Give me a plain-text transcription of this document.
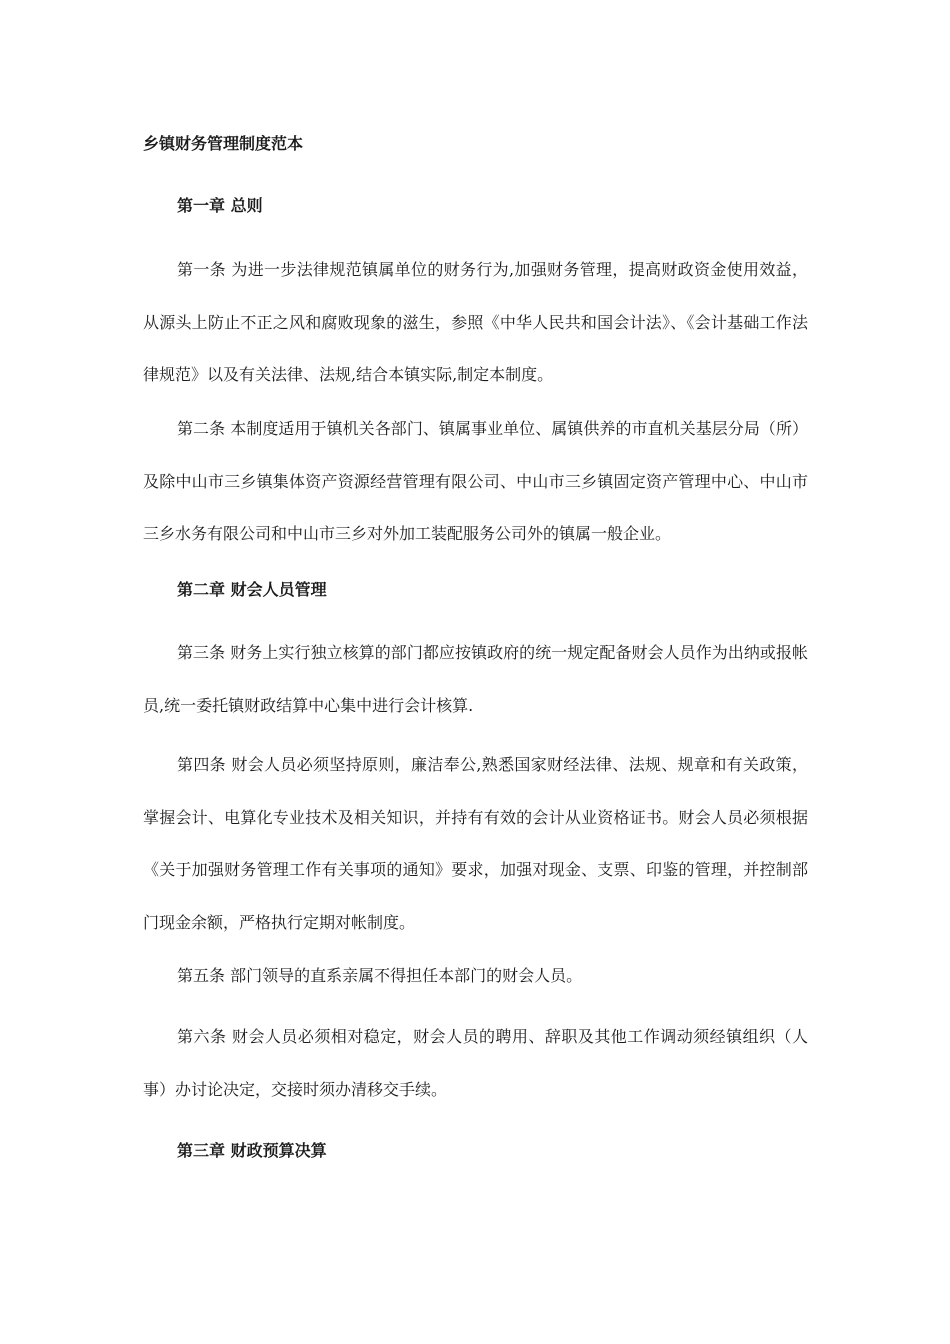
乡镇财务管理制度范本
第一章 总则

第一条 为进一步法律规范镇属单位的财务行为,加强财务管理，提高财政资金使用效益，从源头上防止不正之风和腐败现象的滋生，参照《中华人民共和国会计法》、《会计基础工作法律规范》以及有关法律、法规,结合本镇实际,制定本制度。

第二条 本制度适用于镇机关各部门、镇属事业单位、属镇供养的市直机关基层分局（所）及除中山市三乡镇集体资产资源经营管理有限公司、中山市三乡镇固定资产管理中心、中山市三乡水务有限公司和中山市三乡对外加工装配服务公司外的镇属一般企业。

第二章 财会人员管理

第三条 财务上实行独立核算的部门都应按镇政府的统一规定配备财会人员作为出纳或报帐员,统一委托镇财政结算中心集中进行会计核算.

第四条 财会人员必须坚持原则，廉洁奉公,熟悉国家财经法律、法规、规章和有关政策，掌握会计、电算化专业技术及相关知识，并持有有效的会计从业资格证书。财会人员必须根据《关于加强财务管理工作有关事项的通知》要求，加强对现金、支票、印鉴的管理，并控制部门现金余额，严格执行定期对帐制度。

第五条 部门领导的直系亲属不得担任本部门的财会人员。

第六条 财会人员必须相对稳定，财会人员的聘用、辞职及其他工作调动须经镇组织（人事）办讨论决定，交接时须办清移交手续。

第三章 财政预算决算
